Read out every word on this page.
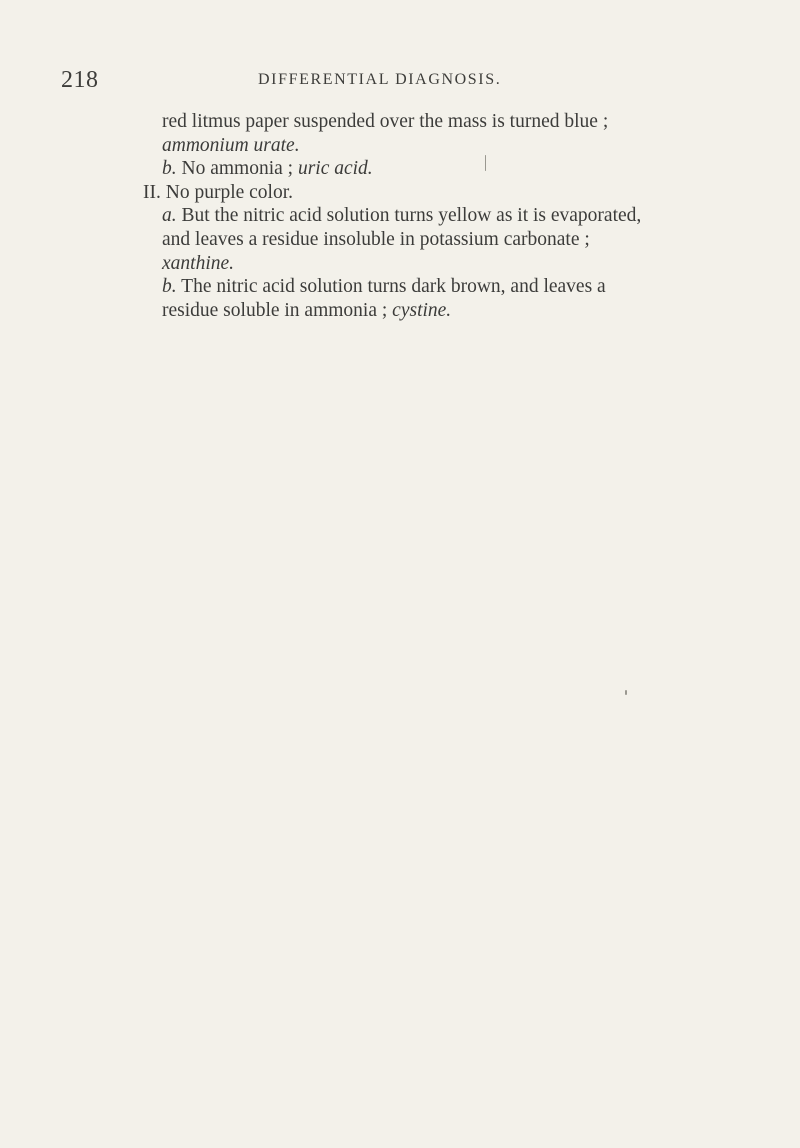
218	DIFFERENTIAL DIAGNOSIS.
red litmus paper suspended over the mass is turned blue ;
ammonium urate.
b. No ammonia ; uric acid.
II. No purple color.
a. But the nitric acid solution turns yellow as it is evaporated,
and leaves a residue insoluble in potassium carbonate ;
xanthine.
b. The nitric acid solution turns dark brown, and leaves a
residue soluble in ammonia ; cystine.
